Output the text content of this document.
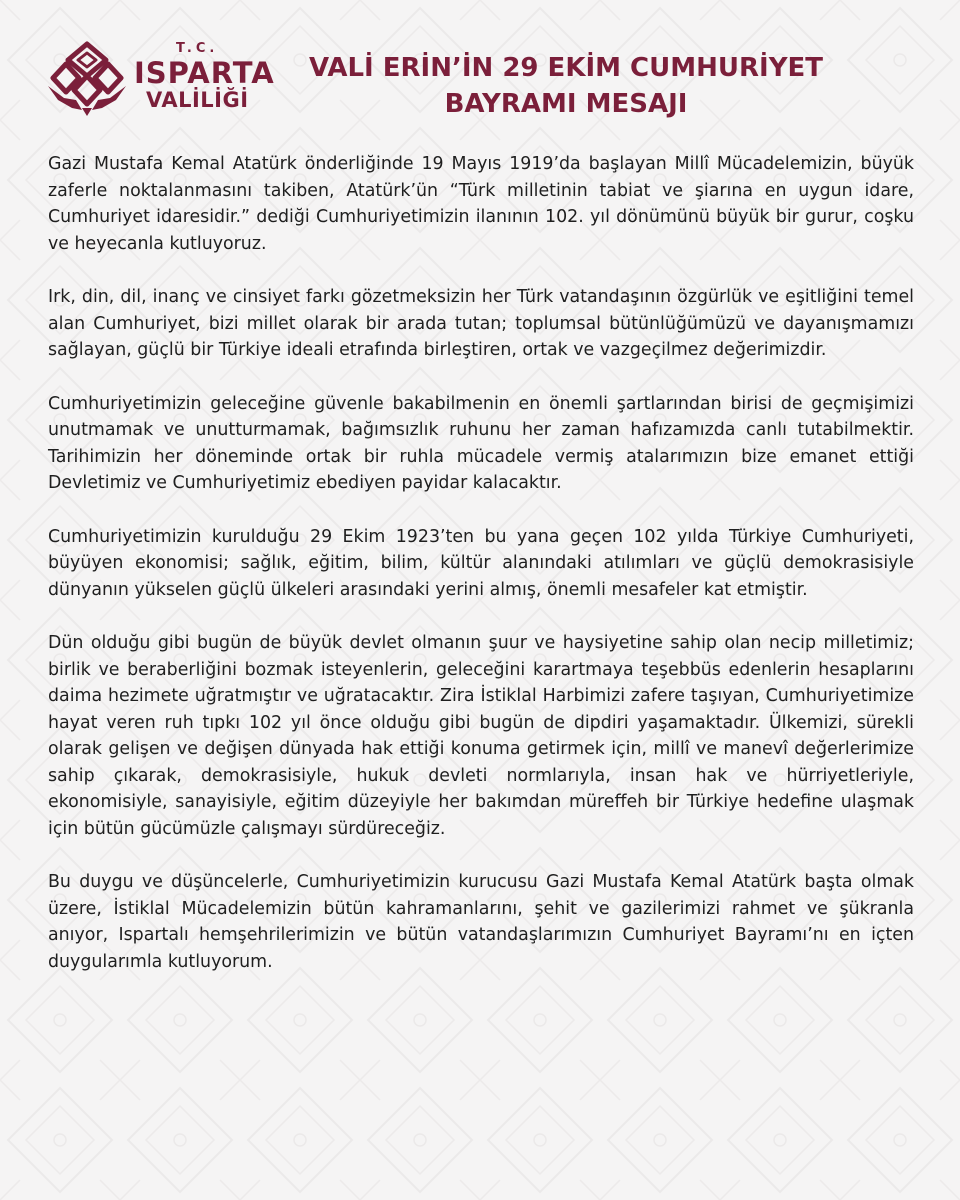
T.C.
ISPARTA
VALİLİĞİ
VALİ ERİN’İN 29 EKİM CUMHURİYET
BAYRAMI MESAJI

Gazi Mustafa Kemal Atatürk önderliğinde 19 Mayıs 1919’da başlayan Millî Mücadelemizin, büyük zaferle noktalanmasını takiben, Atatürk’ün “Türk milletinin tabiat ve şiarına en uygun idare, Cumhuriyet idaresidir.” dediği Cumhuriyetimizin ilanının 102. yıl dönümünü büyük bir gurur, coşku ve heyecanla kutluyoruz.

Irk, din, dil, inanç ve cinsiyet farkı gözetmeksizin her Türk vatandaşının özgürlük ve eşitliğini temel alan Cumhuriyet, bizi millet olarak bir arada tutan; toplumsal bütünlüğümüzü ve dayanışmamızı sağlayan, güçlü bir Türkiye ideali etrafında birleştiren, ortak ve vazgeçilmez değerimizdir.

Cumhuriyetimizin geleceğine güvenle bakabilmenin en önemli şartlarından birisi de geçmişimizi unutmamak ve unutturmamak, bağımsızlık ruhunu her zaman hafızamızda canlı tutabilmektir. Tarihimizin her döneminde ortak bir ruhla mücadele vermiş atalarımızın bize emanet ettiği Devletimiz ve Cumhuriyetimiz ebediyen payidar kalacaktır.

Cumhuriyetimizin kurulduğu 29 Ekim 1923’ten bu yana geçen 102 yılda Türkiye Cumhuriyeti, büyüyen ekonomisi; sağlık, eğitim, bilim, kültür alanındaki atılımları ve güçlü demokrasisiyle dünyanın yükselen güçlü ülkeleri arasındaki yerini almış, önemli mesafeler kat etmiştir.

Dün olduğu gibi bugün de büyük devlet olmanın şuur ve haysiyetine sahip olan necip milletimiz; birlik ve beraberliğini bozmak isteyenlerin, geleceğini karartmaya teşebbüs edenlerin hesaplarını daima hezimete uğratmıştır ve uğratacaktır. Zira İstiklal Harbimizi zafere taşıyan, Cumhuriyetimize hayat veren ruh tıpkı 102 yıl önce olduğu gibi bugün de dipdiri yaşamaktadır. Ülkemizi, sürekli olarak gelişen ve değişen dünyada hak ettiği konuma getirmek için, millî ve manevî değerlerimize sahip çıkarak, demokrasisiyle, hukuk devleti normlarıyla, insan hak ve hürriyetleriyle, ekonomisiyle, sanayisiyle, eğitim düzeyiyle her bakımdan müreffeh bir Türkiye hedefine ulaşmak için bütün gücümüzle çalışmayı sürdüreceğiz.

Bu duygu ve düşüncelerle, Cumhuriyetimizin kurucusu Gazi Mustafa Kemal Atatürk başta olmak üzere, İstiklal Mücadelemizin bütün kahramanlarını, şehit ve gazilerimizi rahmet ve şükranla anıyor, Ispartalı hemşehrilerimizin ve bütün vatandaşlarımızın Cumhuriyet Bayramı’nı en içten duygularımla kutluyorum.
